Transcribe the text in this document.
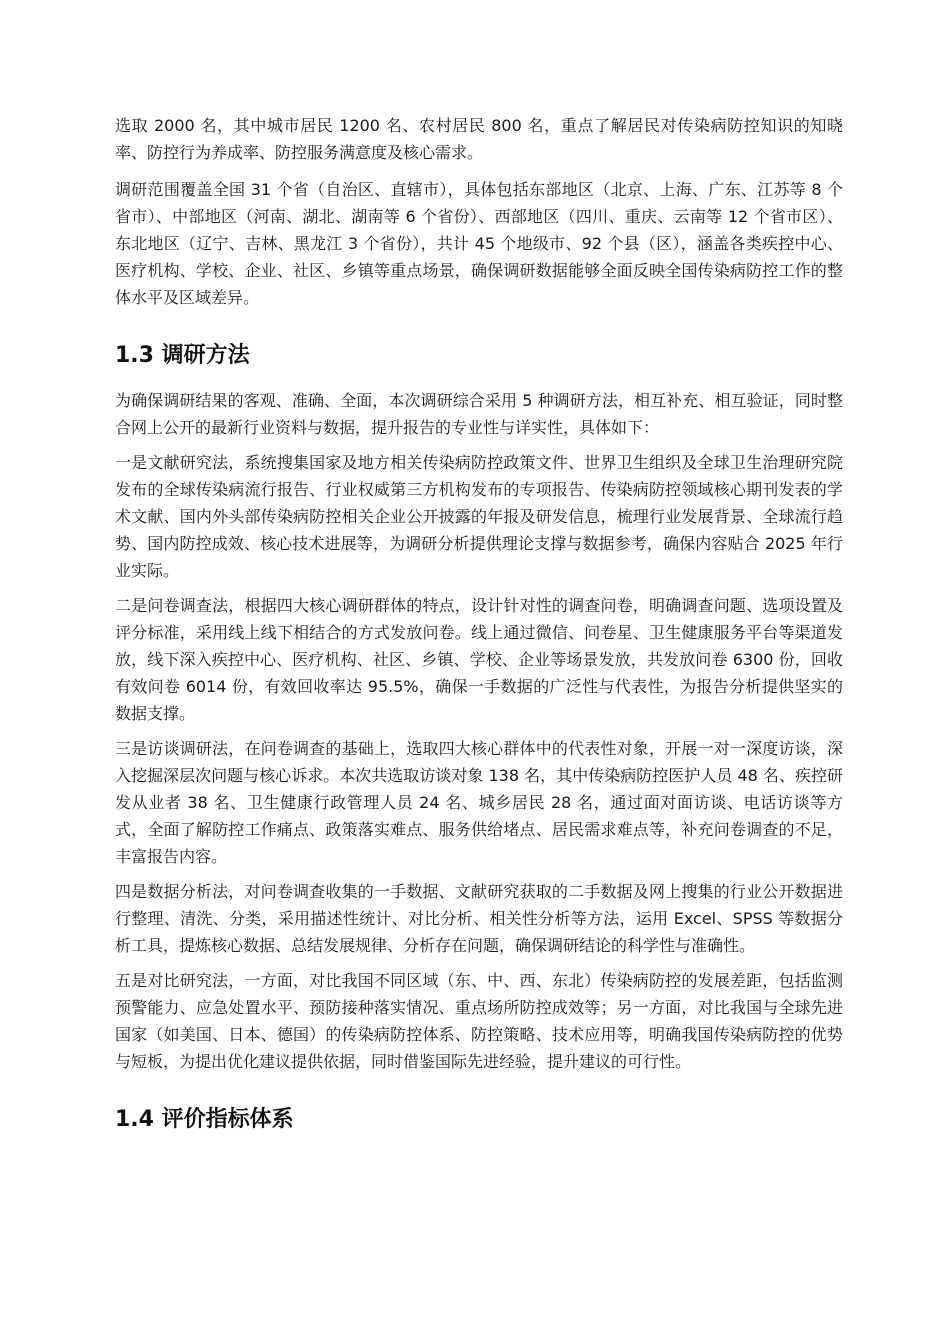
选取 2000 名，其中城市居民 1200 名、农村居民 800 名，重点了解居民对传染病防控知识的知晓率、防控行为养成率、防控服务满意度及核心需求。

调研范围覆盖全国 31 个省（自治区、直辖市），具体包括东部地区（北京、上海、广东、江苏等 8 个省市）、中部地区（河南、湖北、湖南等 6 个省份）、西部地区（四川、重庆、云南等 12 个省市区）、东北地区（辽宁、吉林、黑龙江 3 个省份），共计 45 个地级市、92 个县（区），涵盖各类疾控中心、医疗机构、学校、企业、社区、乡镇等重点场景，确保调研数据能够全面反映全国传染病防控工作的整体水平及区域差异。

1.3 调研方法

为确保调研结果的客观、准确、全面，本次调研综合采用 5 种调研方法，相互补充、相互验证，同时整合网上公开的最新行业资料与数据，提升报告的专业性与详实性，具体如下：

一是文献研究法，系统搜集国家及地方相关传染病防控政策文件、世界卫生组织及全球卫生治理研究院发布的全球传染病流行报告、行业权威第三方机构发布的专项报告、传染病防控领域核心期刊发表的学术文献、国内外头部传染病防控相关企业公开披露的年报及研发信息，梳理行业发展背景、全球流行趋势、国内防控成效、核心技术进展等，为调研分析提供理论支撑与数据参考，确保内容贴合 2025 年行业实际。

二是问卷调查法，根据四大核心调研群体的特点，设计针对性的调查问卷，明确调查问题、选项设置及评分标准，采用线上线下相结合的方式发放问卷。线上通过微信、问卷星、卫生健康服务平台等渠道发放，线下深入疾控中心、医疗机构、社区、乡镇、学校、企业等场景发放，共发放问卷 6300 份，回收有效问卷 6014 份，有效回收率达 95.5%，确保一手数据的广泛性与代表性，为报告分析提供坚实的数据支撑。

三是访谈调研法，在问卷调查的基础上，选取四大核心群体中的代表性对象，开展一对一深度访谈，深入挖掘深层次问题与核心诉求。本次共选取访谈对象 138 名，其中传染病防控医护人员 48 名、疾控研发从业者 38 名、卫生健康行政管理人员 24 名、城乡居民 28 名，通过面对面访谈、电话访谈等方式，全面了解防控工作痛点、政策落实难点、服务供给堵点、居民需求难点等，补充问卷调查的不足，丰富报告内容。

四是数据分析法，对问卷调查收集的一手数据、文献研究获取的二手数据及网上搜集的行业公开数据进行整理、清洗、分类，采用描述性统计、对比分析、相关性分析等方法，运用 Excel、SPSS 等数据分析工具，提炼核心数据、总结发展规律、分析存在问题，确保调研结论的科学性与准确性。

五是对比研究法，一方面，对比我国不同区域（东、中、西、东北）传染病防控的发展差距，包括监测预警能力、应急处置水平、预防接种落实情况、重点场所防控成效等；另一方面，对比我国与全球先进国家（如美国、日本、德国）的传染病防控体系、防控策略、技术应用等，明确我国传染病防控的优势与短板，为提出优化建议提供依据，同时借鉴国际先进经验，提升建议的可行性。

1.4 评价指标体系
